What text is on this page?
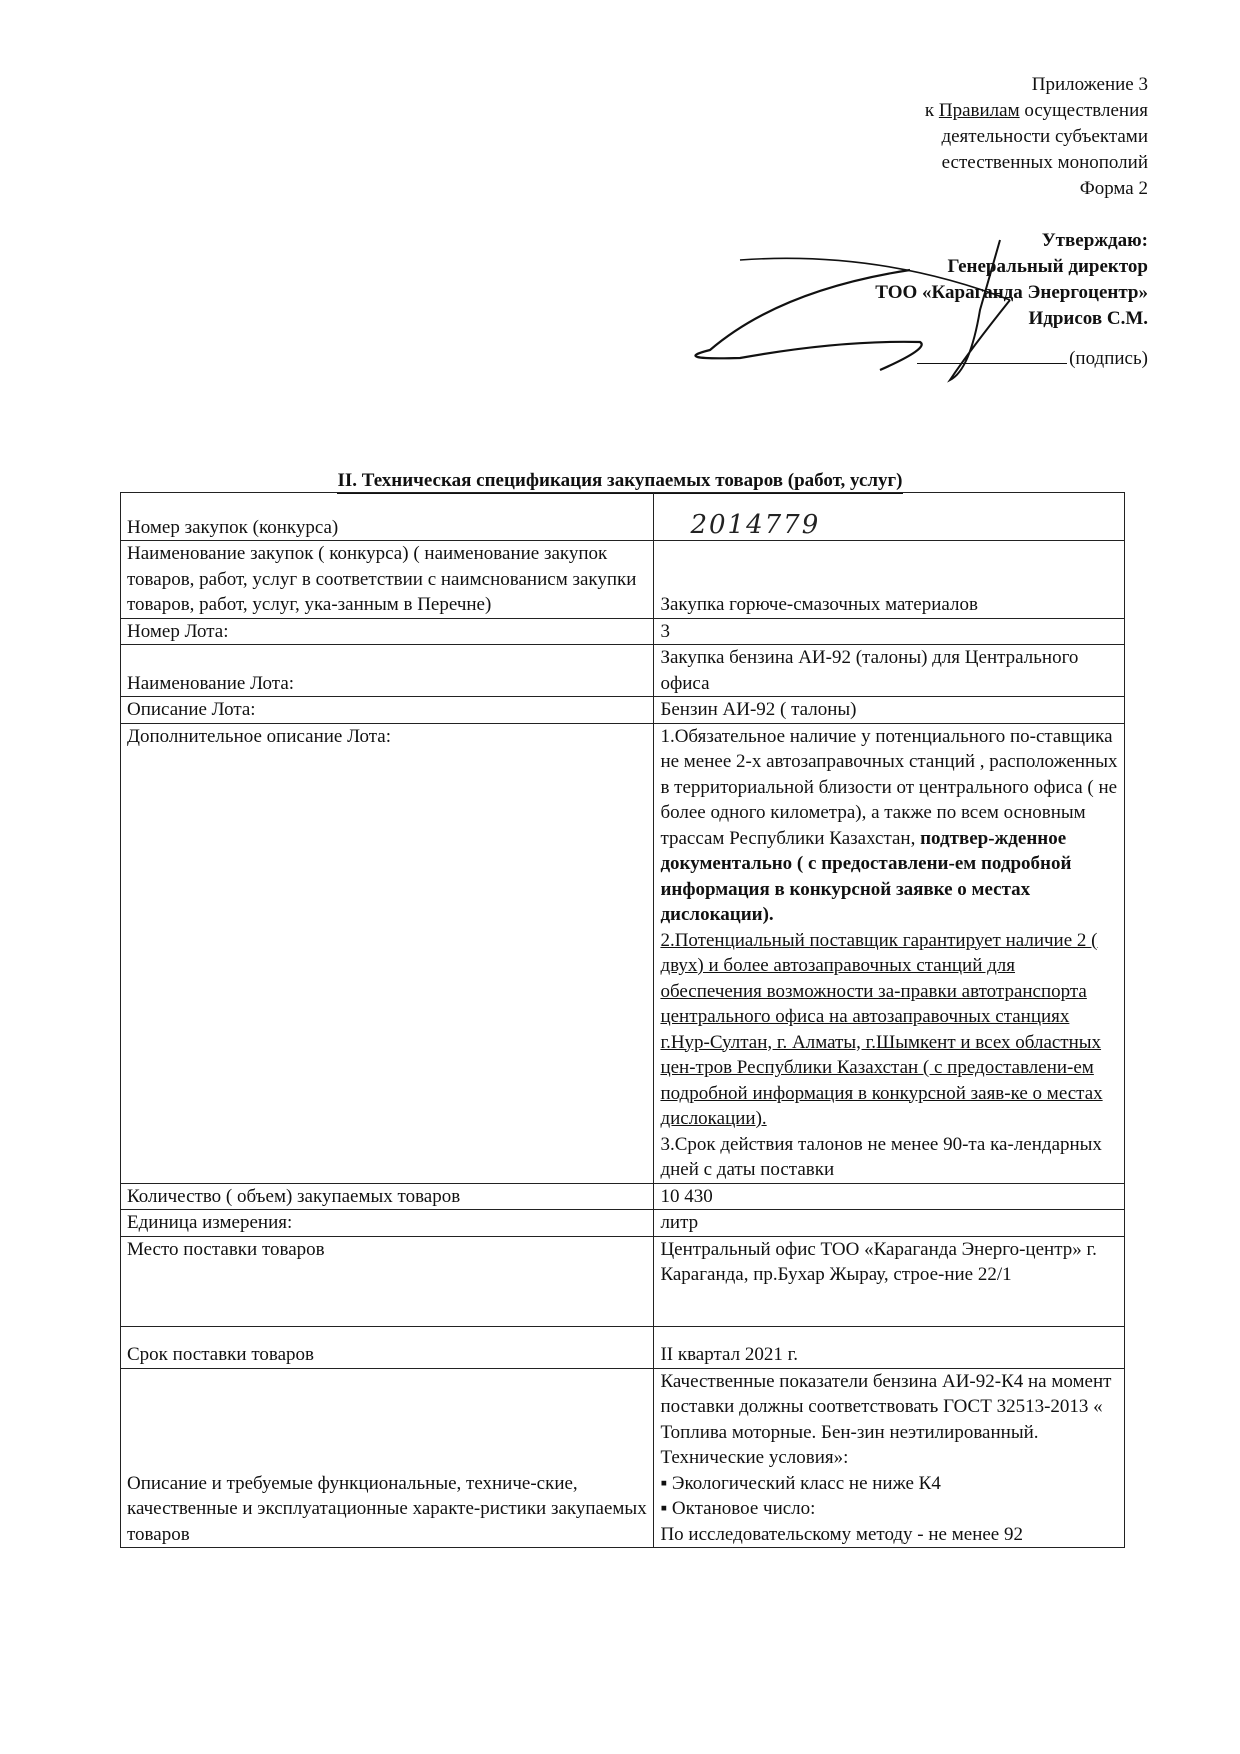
Приложение 3
к Правилам осуществления
деятельности субъектами
естественных монополий
Форма 2
Утверждаю:
Генеральный директор
ТОО «Караганда Энергоцентр»
Идрисов С.М.
(подпись)
II. Техническая спецификация закупаемых товаров (работ, услуг)
Номер закупок (конкурса)	2014779
Наименование закупок ( конкурса) ( наименование закупок товаров, работ, услуг в соответствии с наимснованисм закупки товаров, работ, услуг, ука-занным в Перечне)	Закупка горюче-смазочных материалов
Номер Лота:	3
Наименование Лота:	Закупка бензина АИ-92 (талоны) для Центрального офиса
Описание Лота:	Бензин АИ-92 ( талоны)
Дополнительное описание Лота:	1.Обязательное наличие у потенциального по-ставщика не менее 2-х автозаправочных станций , расположенных в территориальной близости от центрального офиса ( не более одного километра), а также по всем основным трассам Республики Казахстан, подтвер-жденное документально ( с предоставлени-ем подробной информация в конкурсной заявке о местах дислокации).
2.Потенциальный поставщик гарантирует наличие 2 ( двух) и более автозаправочных станций для обеспечения возможности за-правки автотранспорта центрального офиса на автозаправочных станциях г.Нур-Султан, г. Алматы, г.Шымкент и всех областных цен-тров Республики Казахстан ( с предоставлени-ем подробной информация в конкурсной заяв-ке о местах дислокации).
3.Срок действия талонов не менее 90-та ка-лендарных дней с даты поставки

Количество ( объем) закупаемых товаров	10 430
Единица измерения:	литр
Место поставки товаров	Центральный офис ТОО «Караганда Энерго-центр» г. Караганда, пр.Бухар Жырау, строе-ние 22/1
Срок поставки товаров	II квартал 2021 г.
Описание и требуемые функциональные, техниче-ские, качественные и эксплуатационные характе-ристики закупаемых товаров	Качественные показатели бензина АИ-92-К4 на момент поставки должны соответствовать ГОСТ 32513-2013 « Топлива моторные. Бен-зин неэтилированный. Технические условия»:
▪ Экологический класс не ниже К4
▪ Октановое число:
По исследовательскому методу - не менее 92
